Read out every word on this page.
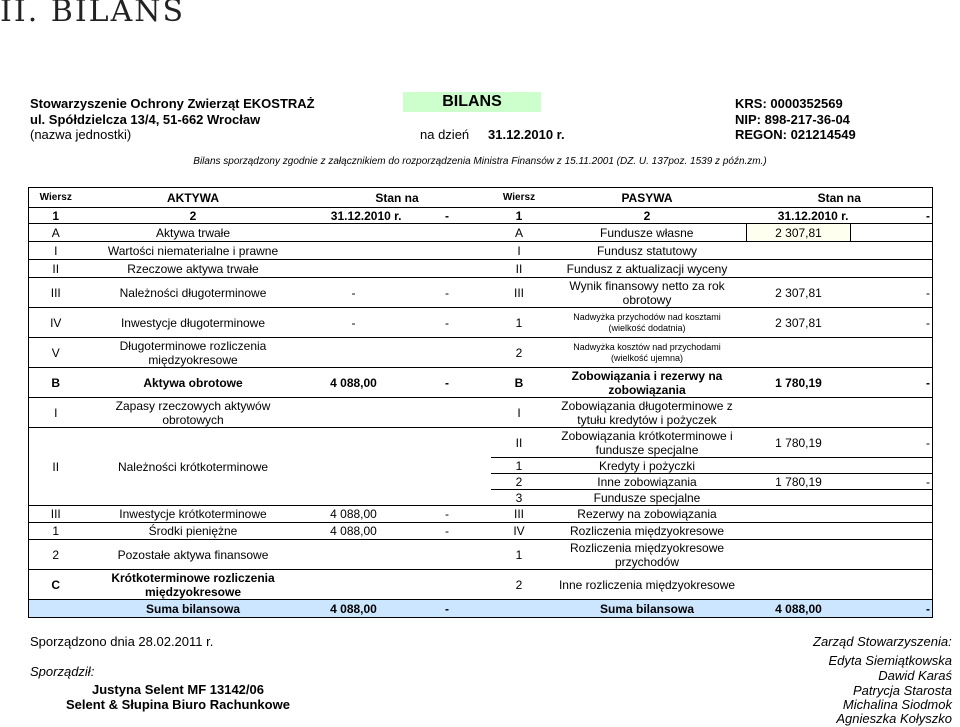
II. BILANS
Stowarzyszenie Ochrony Zwierząt EKOSTRAŻ
ul. Spółdzielcza 13/4, 51-662 Wrocław
(nazwa jednostki)
BILANS
na dzień 31.12.2010 r.
KRS: 0000352569
NIP: 898-217-36-04
REGON: 021214549
Bilans sporządzony zgodnie z załącznikiem do rozporządzenia Ministra Finansów z 15.11.2001 (DZ. U. 137poz. 1539 z późn.zm.)
Wiersz	AKTYWA	Stan na		Wiersz	PASYWA	Stan na	
1	2	31.12.2010 r.	-	1	2	31.12.2010 r.	-
A	Aktywa trwałe			A	Fundusze własne	2 307,81	
I	Wartości niematerialne i prawne			I	Fundusz statutowy		
II	Rzeczowe aktywa trwałe			II	Fundusz z aktualizacji wyceny		
III	Należności długoterminowe	-	-	III	Wynik finansowy netto za rok obrotowy	2 307,81	-
IV	Inwestycje długoterminowe	-	-	1	Nadwyżka przychodów nad kosztami
(wielkość dodatnia)	2 307,81	-
V	Długoterminowe rozliczenia międzyokresowe			2	Nadwyżka kosztów nad przychodami
(wielkość ujemna)		

B	Aktywa obrotowe	4 088,00	-	B	Zobowiązania i rezerwy na zobowiązania	1 780,19	-
I	Zapasy rzeczowych aktywów obrotowych			I	Zobowiązania długoterminowe z tytułu kredytów i pożyczek		
II	Należności krótkoterminowe			II	Zobowiązania krótkoterminowe i fundusze specjalne	1 780,19	-
				1	Kredyty i pożyczki		
				2	Inne zobowiązania	1 780,19	-
				3	Fundusze specjalne		
III	Inwestycje krótkoterminowe	4 088,00	-	III	Rezerwy na zobowiązania		
1	Środki pieniężne	4 088,00	-	IV	Rozliczenia międzyokresowe		
2	Pozostałe aktywa finansowe			1	Rozliczenia międzyokresowe przychodów		
C	Krótkoterminowe rozliczenia międzyokresowe			2	Inne rozliczenia międzyokresowe		
	Suma bilansowa	4 088,00	-		Suma bilansowa	4 088,00	-
Sporządzono dnia 28.02.2011 r.
Sporządził:
Justyna Selent MF 13142/06
Selent & Słupina Biuro Rachunkowe
Zarząd Stowarzyszenia:
Edyta Siemiątkowska
Dawid Karaś
Patrycja Starosta
Michalina Siodmok
Agnieszka Kołyszko
